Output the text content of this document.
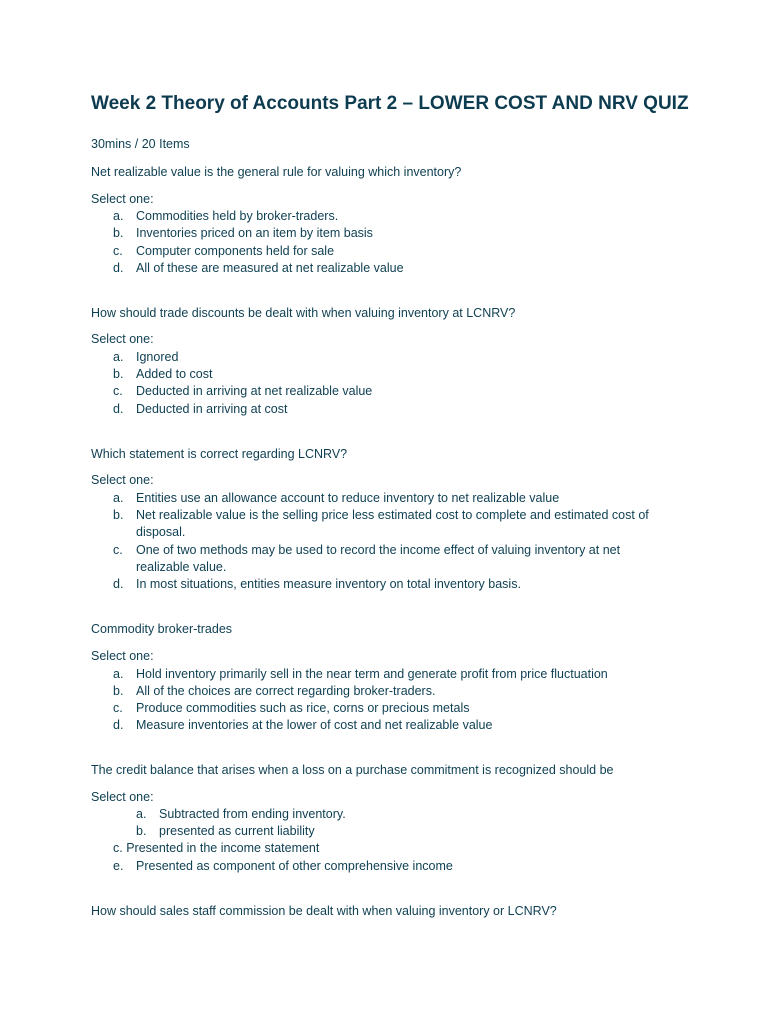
Week 2 Theory of Accounts Part 2 – LOWER COST AND NRV QUIZ
30mins / 20 Items
Net realizable value is the general rule for valuing which inventory?
Select one:
a. Commodities held by broker-traders.
b. Inventories priced on an item by item basis
c. Computer components held for sale
d. All of these are measured at net realizable value
How should trade discounts be dealt with when valuing inventory at LCNRV?
Select one:
a. Ignored
b. Added to cost
c. Deducted in arriving at net realizable value
d. Deducted in arriving at cost
Which statement is correct regarding LCNRV?
Select one:
a. Entities use an allowance account to reduce inventory to net realizable value
b. Net realizable value is the selling price less estimated cost to complete and estimated cost of disposal.
c. One of two methods may be used to record the income effect of valuing inventory at net realizable value.
d. In most situations, entities measure inventory on total inventory basis.
Commodity broker-trades
Select one:
a. Hold inventory primarily sell in the near term and generate profit from price fluctuation
b. All of the choices are correct regarding broker-traders.
c. Produce commodities such as rice, corns or precious metals
d. Measure inventories at the lower of cost and net realizable value
The credit balance that arises when a loss on a purchase commitment is recognized should be
Select one:
a. Subtracted from ending inventory.
b. presented as current liability
c. Presented in the income statement
e. Presented as component of other comprehensive income
How should sales staff commission be dealt with when valuing inventory or LCNRV?
